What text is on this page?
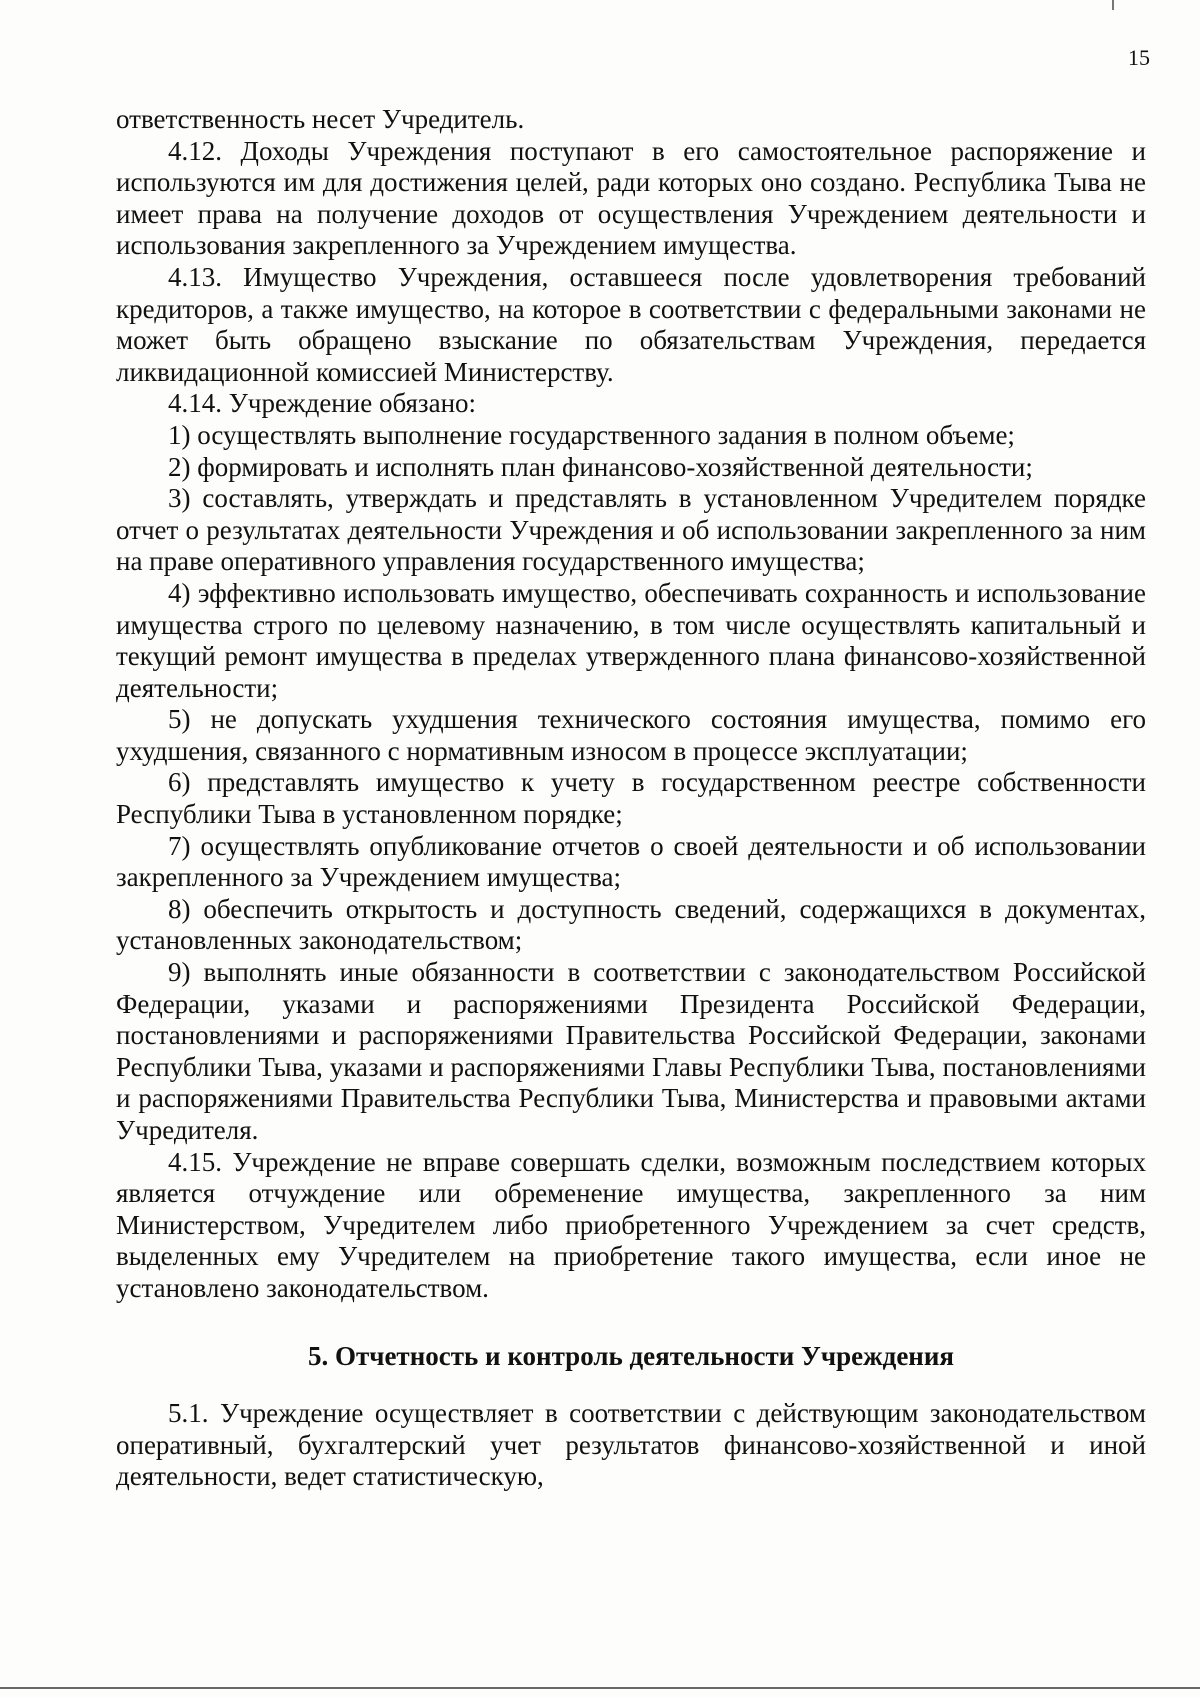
15

ответственность несет Учредитель.

4.12. Доходы Учреждения поступают в его самостоятельное распоряжение и используются им для достижения целей, ради которых оно создано. Республика Тыва не имеет права на получение доходов от осуществления Учреждением деятельности и использования закрепленного за Учреждением имущества.

4.13. Имущество Учреждения, оставшееся после удовлетворения требований кредиторов, а также имущество, на которое в соответствии с федеральными законами не может быть обращено взыскание по обязательствам Учреждения, передается ликвидационной комиссией Министерству.

4.14. Учреждение обязано:

1) осуществлять выполнение государственного задания в полном объеме;

2) формировать и исполнять план финансово-хозяйственной деятельности;

3) составлять, утверждать и представлять в установленном Учредителем порядке отчет о результатах деятельности Учреждения и об использовании закрепленного за ним на праве оперативного управления государственного имущества;

4) эффективно использовать имущество, обеспечивать сохранность и использование имущества строго по целевому назначению, в том числе осуществлять капитальный и текущий ремонт имущества в пределах утвержденного плана финансово-хозяйственной деятельности;

5) не допускать ухудшения технического состояния имущества, помимо его ухудшения, связанного с нормативным износом в процессе эксплуатации;

6) представлять имущество к учету в государственном реестре собственности Республики Тыва в установленном порядке;

7) осуществлять опубликование отчетов о своей деятельности и об использовании закрепленного за Учреждением имущества;

8) обеспечить открытость и доступность сведений, содержащихся в документах, установленных законодательством;

9) выполнять иные обязанности в соответствии с законодательством Российской Федерации, указами и распоряжениями Президента Российской Федерации, постановлениями и распоряжениями Правительства Российской Федерации, законами Республики Тыва, указами и распоряжениями Главы Республики Тыва, постановлениями и распоряжениями Правительства Республики Тыва, Министерства и правовыми актами Учредителя.

4.15. Учреждение не вправе совершать сделки, возможным последствием которых является отчуждение или обременение имущества, закрепленного за ним Министерством, Учредителем либо приобретенного Учреждением за счет средств, выделенных ему Учредителем на приобретение такого имущества, если иное не установлено законодательством.

5. Отчетность и контроль деятельности Учреждения

5.1. Учреждение осуществляет в соответствии с действующим законодательством оперативный, бухгалтерский учет результатов финансово-хозяйственной и иной деятельности, ведет статистическую,
